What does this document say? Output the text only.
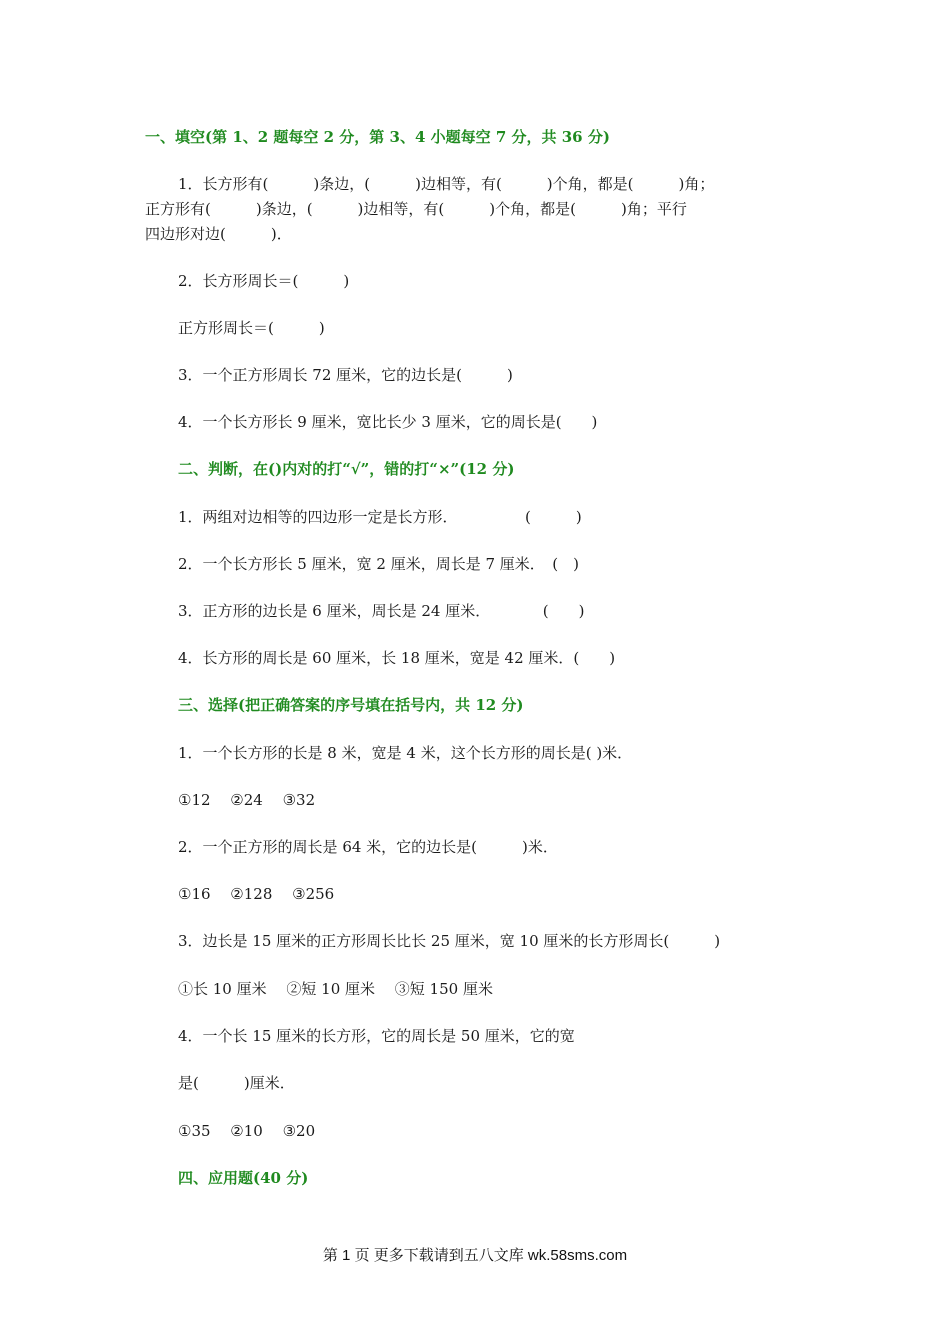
一、填空(第 1、2 题每空 2 分，第 3、4 小题每空 7 分，共 36 分)
1．长方形有(　　　)条边，(　　　)边相等，有(　　　)个角，都是(　　　)角；
正方形有(　　　)条边，(　　　)边相等，有(　　　)个角，都是(　　　)角；平行
四边形对边(　　　)．
2．长方形周长＝(　　　)
正方形周长＝(　　　)
3．一个正方形周长 72 厘米，它的边长是(　　　)
4．一个长方形长 9 厘米，宽比长少 3 厘米，它的周长是(　　)
二、判断，在()内对的打“√”，错的打“×”(12 分)
1．两组对边相等的四边形一定是长方形．　　　　　(　　　)
2．一个长方形长 5 厘米，宽 2 厘米，周长是 7 厘米．　(　)
3．正方形的边长是 6 厘米，周长是 24 厘米．　　　　(　　)
4．长方形的周长是 60 厘米，长 18 厘米，宽是 42 厘米．(　　)
三、选择(把正确答案的序号填在括号内，共 12 分)
1．一个长方形的长是 8 米，宽是 4 米，这个长方形的周长是( )米．
①12　 ②24　 ③32
2．一个正方形的周长是 64 米，它的边长是(　　　)米．
①16　 ②128　 ③256
3．边长是 15 厘米的正方形周长比长 25 厘米，宽 10 厘米的长方形周长(　　　)
①长 10 厘米　 ②短 10 厘米　 ③短 150 厘米
4．一个长 15 厘米的长方形，它的周长是 50 厘米，它的宽
是(　　　)厘米．
①35　 ②10　 ③20
四、应用题(40 分)
第 1 页 更多下载请到五八文库 wk.58sms.com
